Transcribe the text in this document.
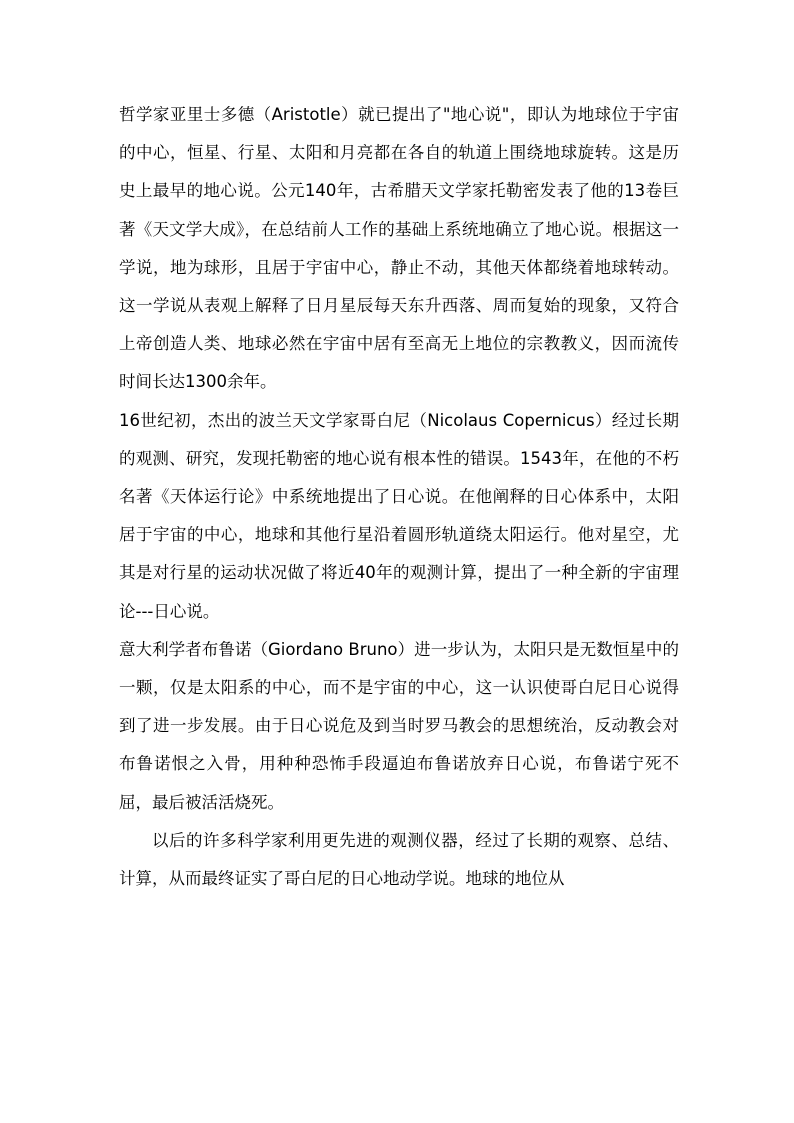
哲学家亚里士多德（Aristotle）就已提出了"地心说"，即认为地球位于宇宙的中心，恒星、行星、太阳和月亮都在各自的轨道上围绕地球旋转。这是历史上最早的地心说。公元140年，古希腊天文学家托勒密发表了他的13卷巨著《天文学大成》，在总结前人工作的基础上系统地确立了地心说。根据这一学说，地为球形，且居于宇宙中心，静止不动，其他天体都绕着地球转动。这一学说从表观上解释了日月星辰每天东升西落、周而复始的现象，又符合上帝创造人类、地球必然在宇宙中居有至高无上地位的宗教教义，因而流传时间长达1300余年。

16世纪初，杰出的波兰天文学家哥白尼（Nicolaus Copernicus）经过长期的观测、研究，发现托勒密的地心说有根本性的错误。1543年，在他的不朽名著《天体运行论》中系统地提出了日心说。在他阐释的日心体系中，太阳居于宇宙的中心，地球和其他行星沿着圆形轨道绕太阳运行。他对星空，尤其是对行星的运动状况做了将近40年的观测计算，提出了一种全新的宇宙理论---日心说。

意大利学者布鲁诺（Giordano Bruno）进一步认为，太阳只是无数恒星中的一颗，仅是太阳系的中心，而不是宇宙的中心，这一认识使哥白尼日心说得到了进一步发展。由于日心说危及到当时罗马教会的思想统治，反动教会对布鲁诺恨之入骨，用种种恐怖手段逼迫布鲁诺放弃日心说，布鲁诺宁死不屈，最后被活活烧死。

以后的许多科学家利用更先进的观测仪器，经过了长期的观察、总结、计算，从而最终证实了哥白尼的日心地动学说。地球的地位从
